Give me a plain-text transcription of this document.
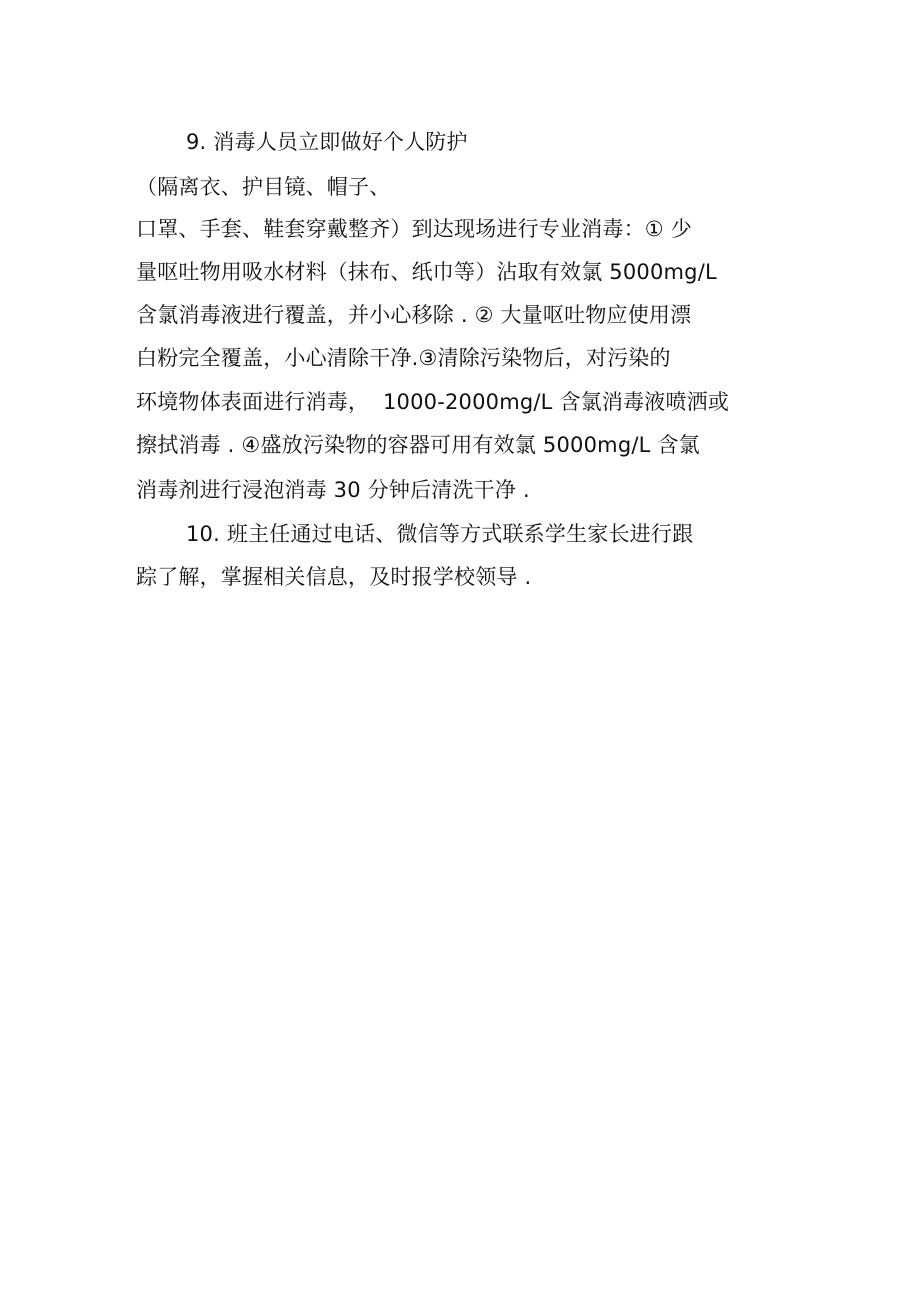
9. 消毒人员立即做好个人防护
（隔离衣、护目镜、帽子、
口罩、手套、鞋套穿戴整齐）到达现场进行专业消毒：① 少
量呕吐物用吸水材料（抹布、纸巾等）沾取有效氯 5000mg/L
含氯消毒液进行覆盖，并小心移除 . ② 大量呕吐物应使用漂
白粉完全覆盖，小心清除干净.③清除污染物后，对污染的
环境物体表面进行消毒，  1000-2000mg/L 含氯消毒液喷洒或
擦拭消毒 . ④盛放污染物的容器可用有效氯 5000mg/L 含氯
消毒剂进行浸泡消毒 30 分钟后清洗干净 .
10. 班主任通过电话、微信等方式联系学生家长进行跟
踪了解，掌握相关信息，及时报学校领导 .
